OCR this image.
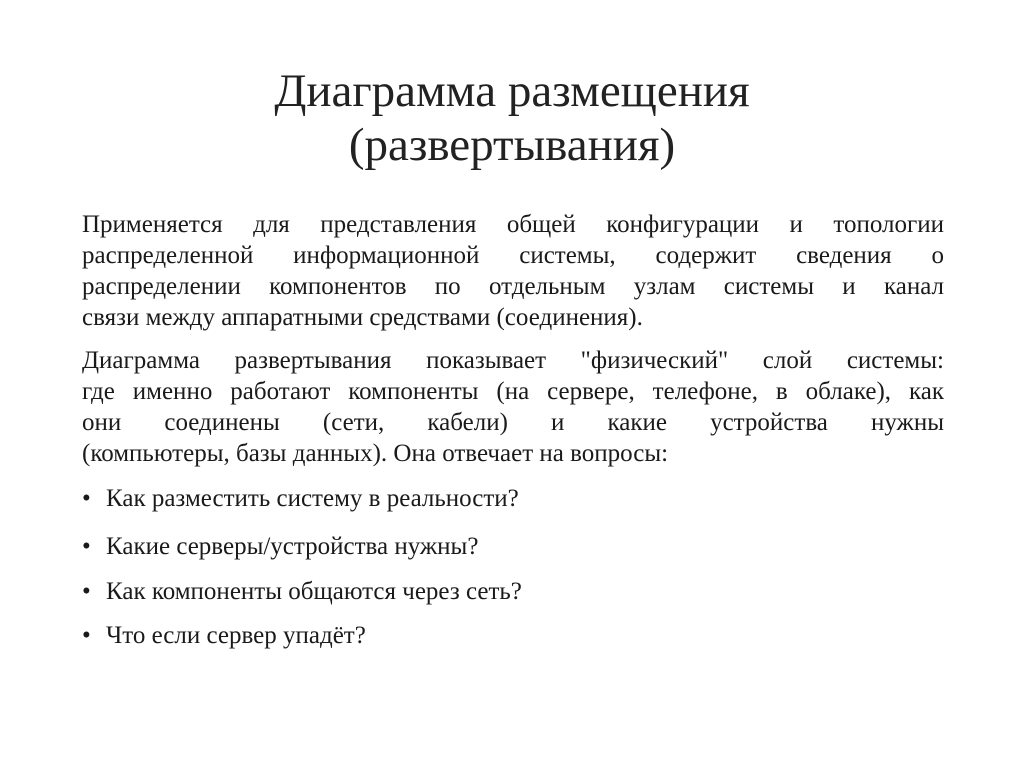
Диаграмма размещения
(развертывания)
Применяется для представления общей конфигурации и топологии
распределенной информационной системы, содержит сведения о
распределении компонентов по отдельным узлам системы и канал
связи между аппаратными средствами (соединения).
Диаграмма развертывания показывает "физический" слой системы:
где именно работают компоненты (на сервере, телефоне, в облаке), как
они соединены (сети, кабели) и какие устройства нужны
(компьютеры, базы данных). Она отвечает на вопросы:
• Как разместить систему в реальности?
• Какие серверы/устройства нужны?
• Как компоненты общаются через сеть?
• Что если сервер упадёт?
